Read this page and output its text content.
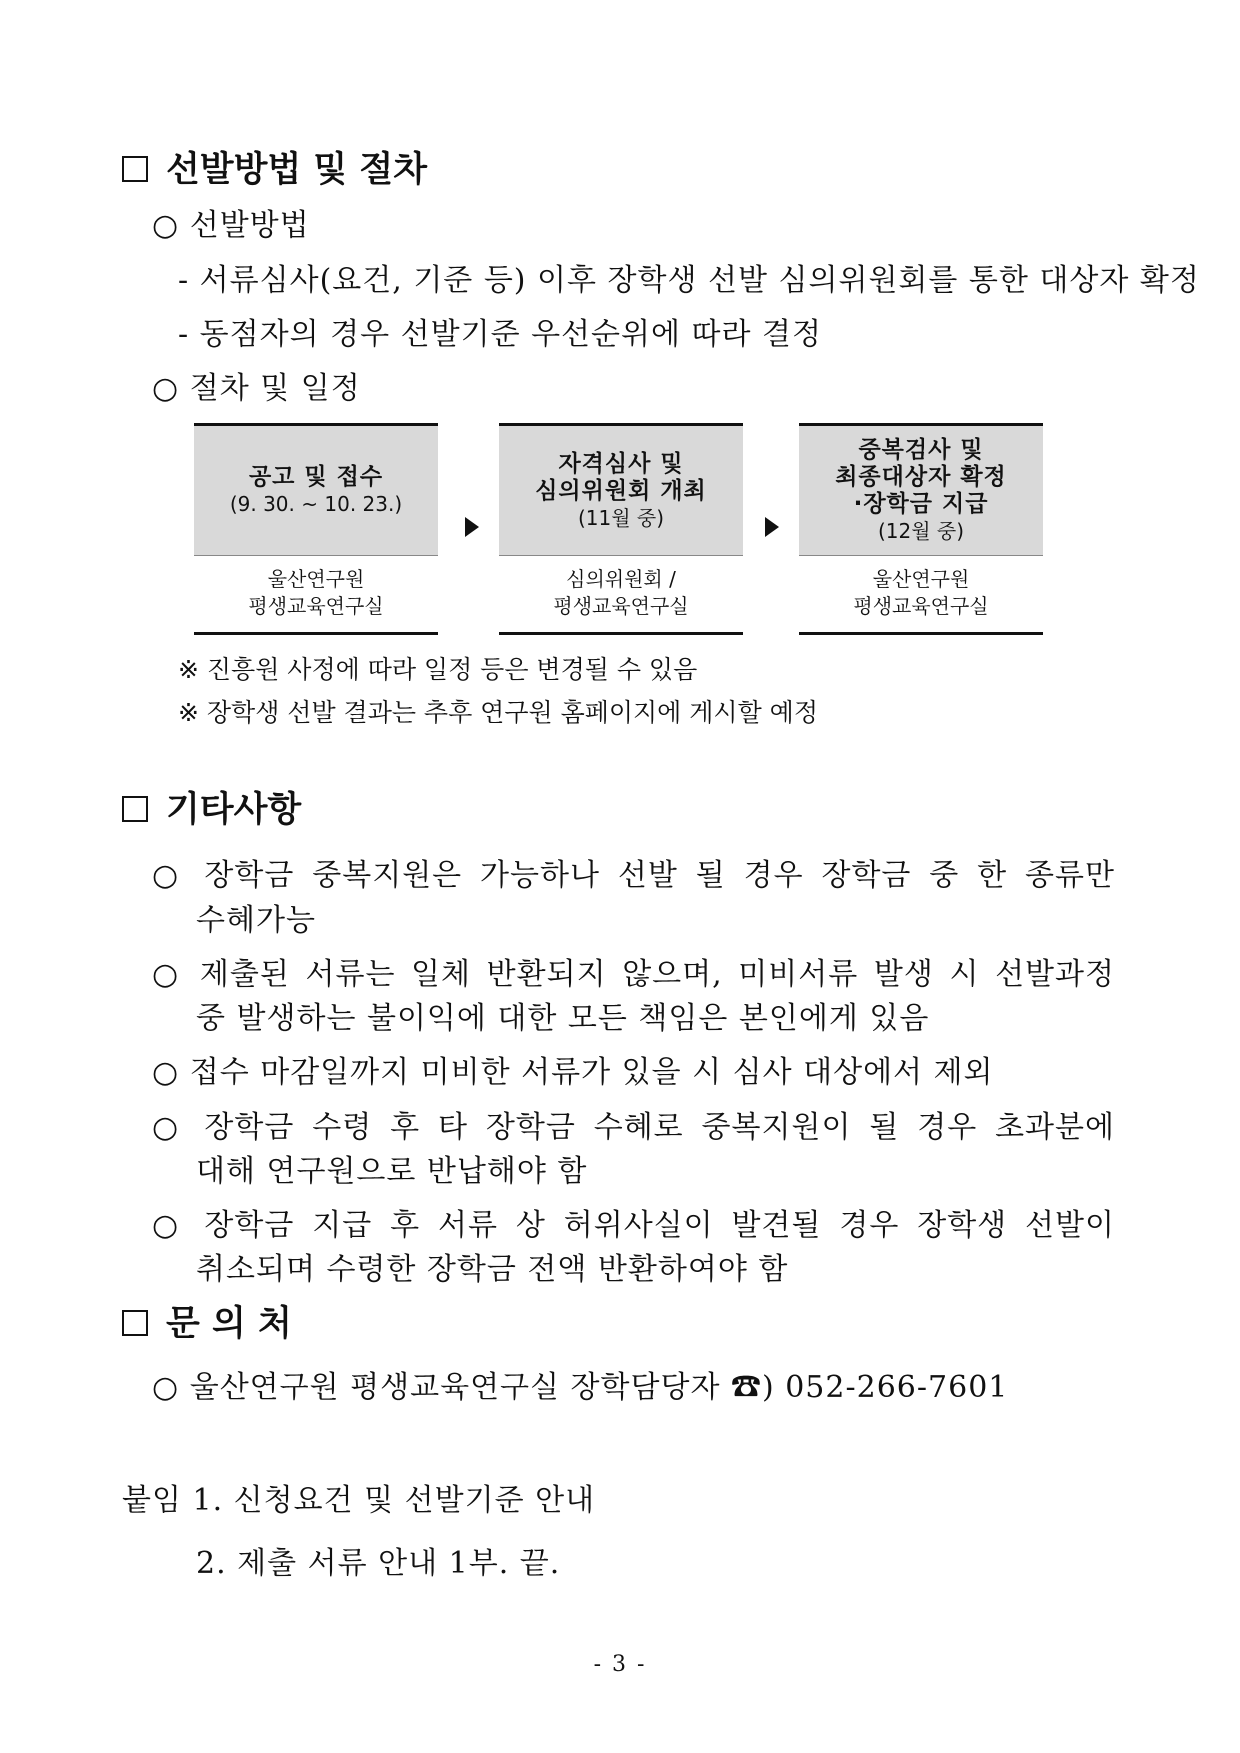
선발방법 및 절차
○ 선발방법
- 서류심사(요건, 기준 등) 이후 장학생 선발 심의위원회를 통한 대상자 확정
- 동점자의 경우 선발기준 우선순위에 따라 결정
○ 절차 및 일정
공고 및 접수
(9. 30. ~ 10. 23.)
울산연구원
평생교육연구실
자격심사 및
심의위원회 개최
(11월 중)
심의위원회 /
평생교육연구실
중복검사 및
최종대상자 확정
·장학금 지급
(12월 중)
울산연구원
평생교육연구실
※ 진흥원 사정에 따라 일정 등은 변경될 수 있음
※ 장학생 선발 결과는 추후 연구원 홈페이지에 게시할 예정
기타사항
○ 장학금 중복지원은 가능하나 선발 될 경우 장학금 중 한 종류만
수혜가능
○ 제출된 서류는 일체 반환되지 않으며, 미비서류 발생 시 선발과정
중 발생하는 불이익에 대한 모든 책임은 본인에게 있음
○ 접수 마감일까지 미비한 서류가 있을 시 심사 대상에서 제외
○ 장학금 수령 후 타 장학금 수혜로 중복지원이 될 경우 초과분에
대해 연구원으로 반납해야 함
○ 장학금 지급 후 서류 상 허위사실이 발견될 경우 장학생 선발이
취소되며 수령한 장학금 전액 반환하여야 함
문 의 처
○ 울산연구원 평생교육연구실 장학담당자 ☎) 052-266-7601
붙임 1. 신청요건 및 선발기준 안내
2. 제출 서류 안내 1부. 끝.
- 3 -
